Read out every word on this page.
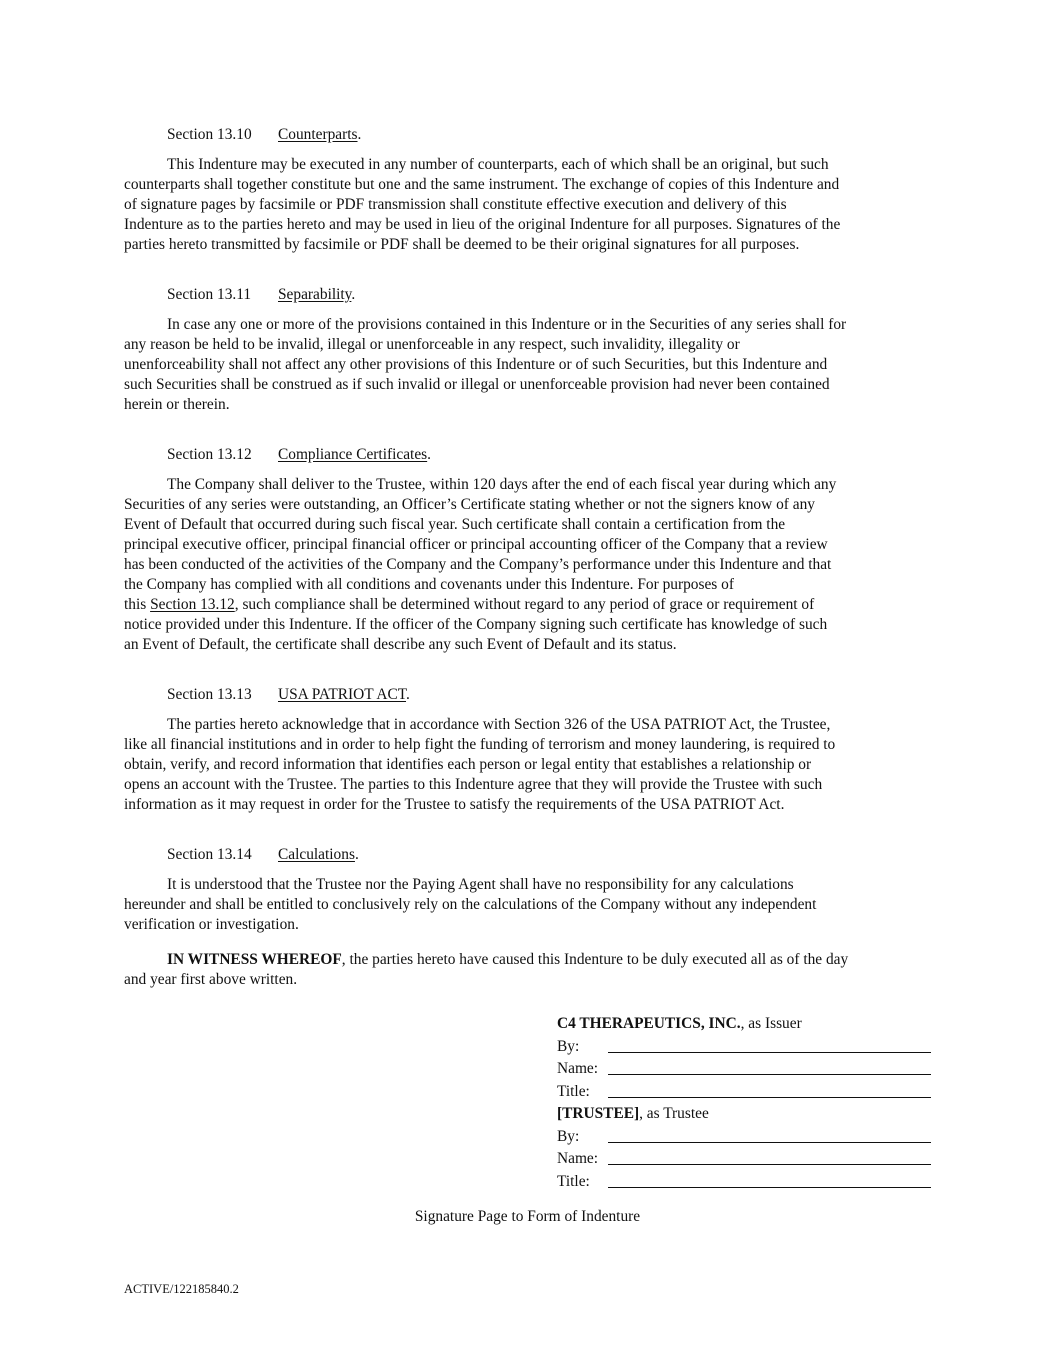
Section 13.10 Counterparts.
This Indenture may be executed in any number of counterparts, each of which shall be an original, but such
counterparts shall together constitute but one and the same instrument. The exchange of copies of this Indenture and
of signature pages by facsimile or PDF transmission shall constitute effective execution and delivery of this
Indenture as to the parties hereto and may be used in lieu of the original Indenture for all purposes. Signatures of the
parties hereto transmitted by facsimile or PDF shall be deemed to be their original signatures for all purposes.
Section 13.11 Separability.
In case any one or more of the provisions contained in this Indenture or in the Securities of any series shall for
any reason be held to be invalid, illegal or unenforceable in any respect, such invalidity, illegality or
unenforceability shall not affect any other provisions of this Indenture or of such Securities, but this Indenture and
such Securities shall be construed as if such invalid or illegal or unenforceable provision had never been contained
herein or therein.
Section 13.12 Compliance Certificates.
The Company shall deliver to the Trustee, within 120 days after the end of each fiscal year during which any
Securities of any series were outstanding, an Officer’s Certificate stating whether or not the signers know of any
Event of Default that occurred during such fiscal year. Such certificate shall contain a certification from the
principal executive officer, principal financial officer or principal accounting officer of the Company that a review
has been conducted of the activities of the Company and the Company’s performance under this Indenture and that
the Company has complied with all conditions and covenants under this Indenture. For purposes of
this Section 13.12, such compliance shall be determined without regard to any period of grace or requirement of
notice provided under this Indenture. If the officer of the Company signing such certificate has knowledge of such
an Event of Default, the certificate shall describe any such Event of Default and its status.
Section 13.13 USA PATRIOT ACT.
The parties hereto acknowledge that in accordance with Section 326 of the USA PATRIOT Act, the Trustee,
like all financial institutions and in order to help fight the funding of terrorism and money laundering, is required to
obtain, verify, and record information that identifies each person or legal entity that establishes a relationship or
opens an account with the Trustee. The parties to this Indenture agree that they will provide the Trustee with such
information as it may request in order for the Trustee to satisfy the requirements of the USA PATRIOT Act.
Section 13.14 Calculations.
It is understood that the Trustee nor the Paying Agent shall have no responsibility for any calculations
hereunder and shall be entitled to conclusively rely on the calculations of the Company without any independent
verification or investigation.
IN WITNESS WHEREOF, the parties hereto have caused this Indenture to be duly executed all as of the day
and year first above written.
C4 THERAPEUTICS, INC., as Issuer
By:
Name:
Title:
[TRUSTEE], as Trustee
By:
Name:
Title:
Signature Page to Form of Indenture
ACTIVE/122185840.2
